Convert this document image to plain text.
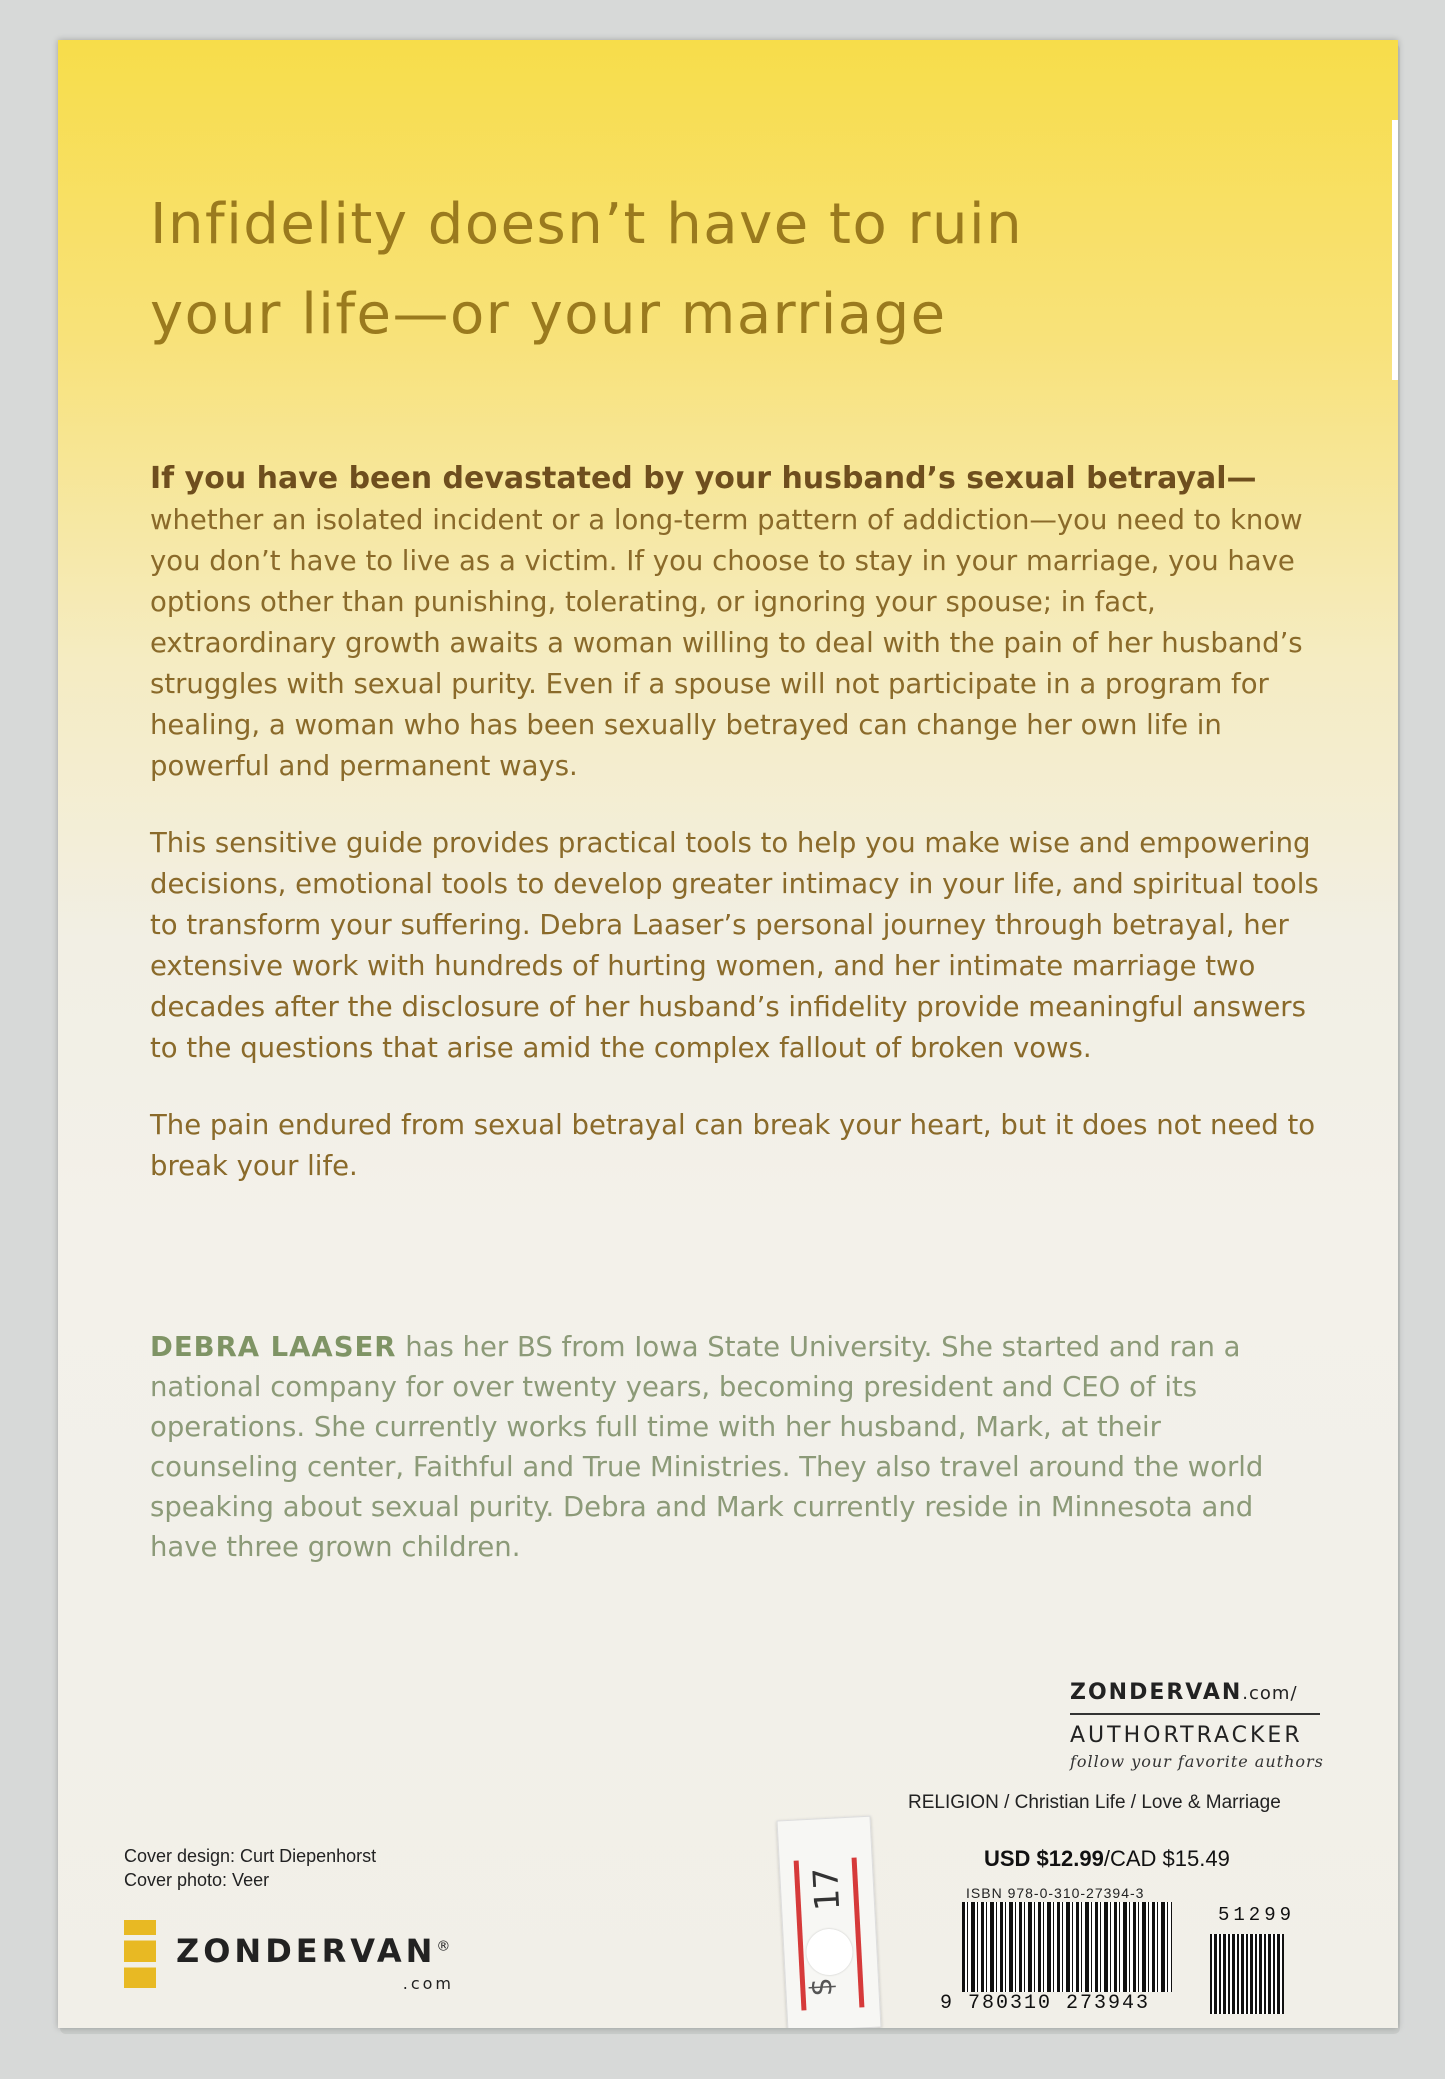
Infidelity doesn’t have to ruin
your life—or your marriage

If you have been devastated by your husband’s sexual betrayal—
whether an isolated incident or a long-term pattern of addiction—you need to know you don’t have to live as a victim. If you choose to stay in your marriage, you have options other than punishing, tolerating, or ignoring your spouse; in fact, extraordinary growth awaits a woman willing to deal with the pain of her husband’s struggles with sexual purity. Even if a spouse will not participate in a program for healing, a woman who has been sexually betrayed can change her own life in powerful and permanent ways.

This sensitive guide provides practical tools to help you make wise and empowering decisions, emotional tools to develop greater intimacy in your life, and spiritual tools to transform your suffering. Debra Laaser’s personal journey through betrayal, her extensive work with hundreds of hurting women, and her intimate marriage two decades after the disclosure of her husband’s infidelity provide meaningful answers to the questions that arise amid the complex fallout of broken vows.

The pain endured from sexual betrayal can break your heart, but it does not need to break your life.

DEBRA LAASER has her BS from Iowa State University. She started and ran a national company for over twenty years, becoming president and CEO of its operations. She currently works full time with her husband, Mark, at their counseling center, Faithful and True Ministries. They also travel around the world speaking about sexual purity. Debra and Mark currently reside in Minnesota and have three grown children.

ZONDERVAN.com/
AUTHORTRACKER
follow your favorite authors
RELIGION / Christian Life / Love & Marriage
Cover design: Curt Diepenhorst
Cover photo: Veer
ZONDERVAN®
.com
17
$
USD $12.99/CAD $15.49
ISBN 978-0-310-27394-3
9 780310 273943
51299
